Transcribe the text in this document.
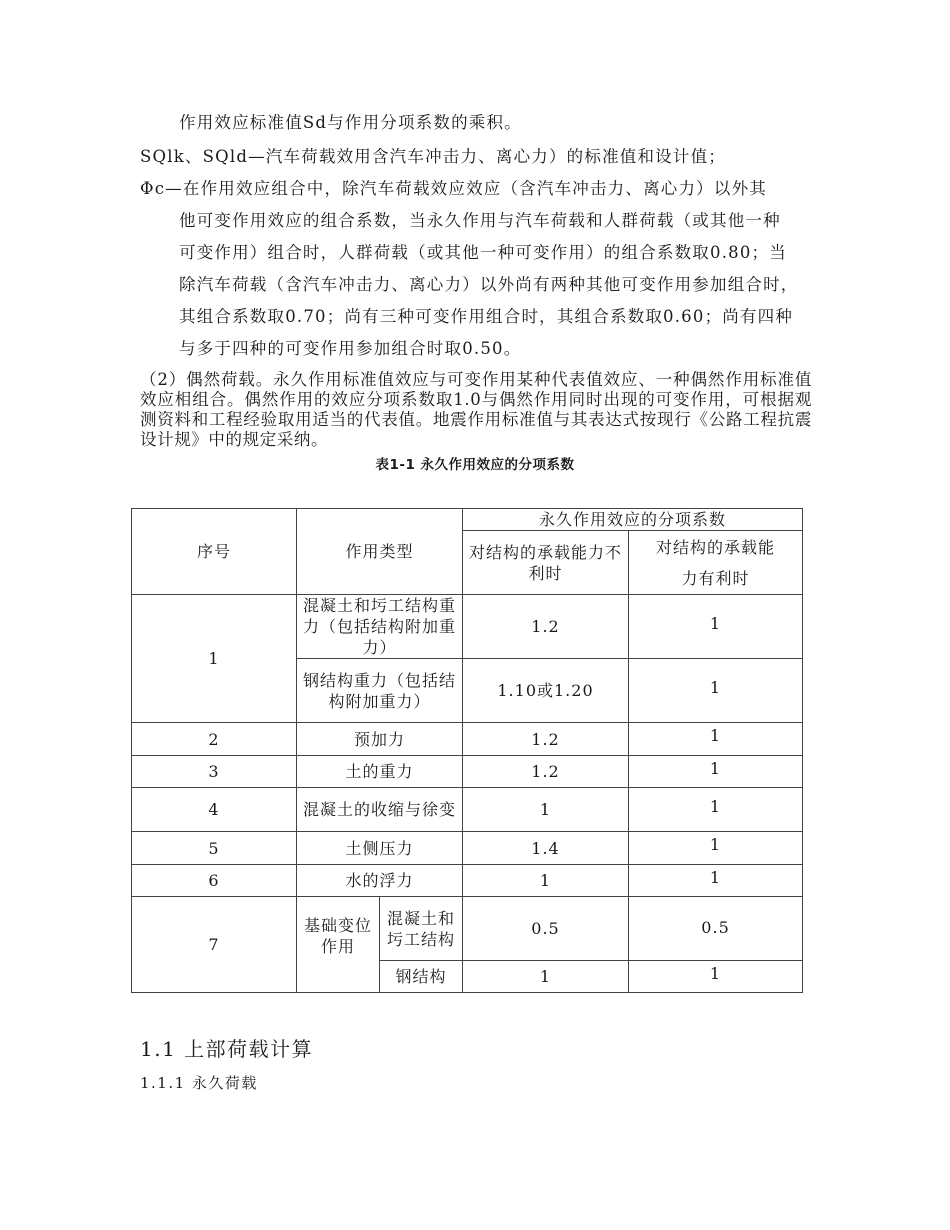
作用效应标准值Sd与作用分项系数的乘积。
SQlk、SQld—汽车荷载效用含汽车冲击力、离心力）的标准值和设计值；
Φc—在作用效应组合中，除汽车荷载效应效应（含汽车冲击力、离心力）以外其
他可变作用效应的组合系数，当永久作用与汽车荷载和人群荷载（或其他一种
可变作用）组合时，人群荷载（或其他一种可变作用）的组合系数取0.80；当
除汽车荷载（含汽车冲击力、离心力）以外尚有两种其他可变作用参加组合时，
其组合系数取0.70；尚有三种可变作用组合时，其组合系数取0.60；尚有四种
与多于四种的可变作用参加组合时取0.50。
（2）偶然荷载。永久作用标准值效应与可变作用某种代表值效应、一种偶然作用标准值效应相组合。偶然作用的效应分项系数取1.0与偶然作用同时出现的可变作用，可根据观测资料和工程经验取用适当的代表值。地震作用标准值与其表达式按现行《公路工程抗震设计规》中的规定采纳。
表1-1 永久作用效应的分项系数
序号	作用类型		永久作用效应的分项系数	
			对结构的承载能力不利时	对结构的承载能
力有利时

1	混凝土和圬工结构重力（包括结构附加重力）		1.2	1
	钢结构重力（包括结构附加重力）		1.10或1.20	1
2	预加力		1.2	1
3	土的重力		1.2	1
4	混凝土的收缩与徐变		1	1
5	土侧压力		1.4	1
6	水的浮力		1	1
7	基础变位作用	混凝土和圬工结构	0.5	0.5
		钢结构	1	1
1.1 上部荷载计算
1.1.1 永久荷载
